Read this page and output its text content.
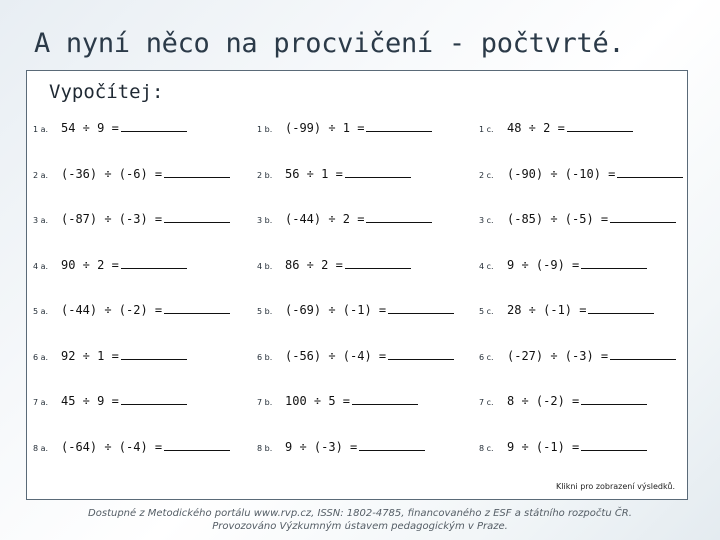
A nyní něco na procvičení - počtvrté.
Vypočítej:
1 a.	54 ÷ 9 =	1 b.	(-99) ÷ 1 =	1 c.	48 ÷ 2 =
2 a.	(-36) ÷ (-6) =	2 b.	56 ÷ 1 =	2 c.	(-90) ÷ (-10) =
3 a.	(-87) ÷ (-3) =	3 b.	(-44) ÷ 2 =	3 c.	(-85) ÷ (-5) =
4 a.	90 ÷ 2 =	4 b.	86 ÷ 2 =	4 c.	9 ÷ (-9) =
5 a.	(-44) ÷ (-2) =	5 b.	(-69) ÷ (-1) =	5 c.	28 ÷ (-1) =
6 a.	92 ÷ 1 =	6 b.	(-56) ÷ (-4) =	6 c.	(-27) ÷ (-3) =
7 a.	45 ÷ 9 =	7 b.	100 ÷ 5 =	7 c.	8 ÷ (-2) =
8 a.	(-64) ÷ (-4) =	8 b.	9 ÷ (-3) =	8 c.	9 ÷ (-1) =

Klikni pro zobrazení výsledků.

Dostupné z Metodického portálu www.rvp.cz, ISSN: 1802-4785, financovaného z ESF a státního rozpočtu ČR.

Provozováno Výzkumným ústavem pedagogickým v Praze.
